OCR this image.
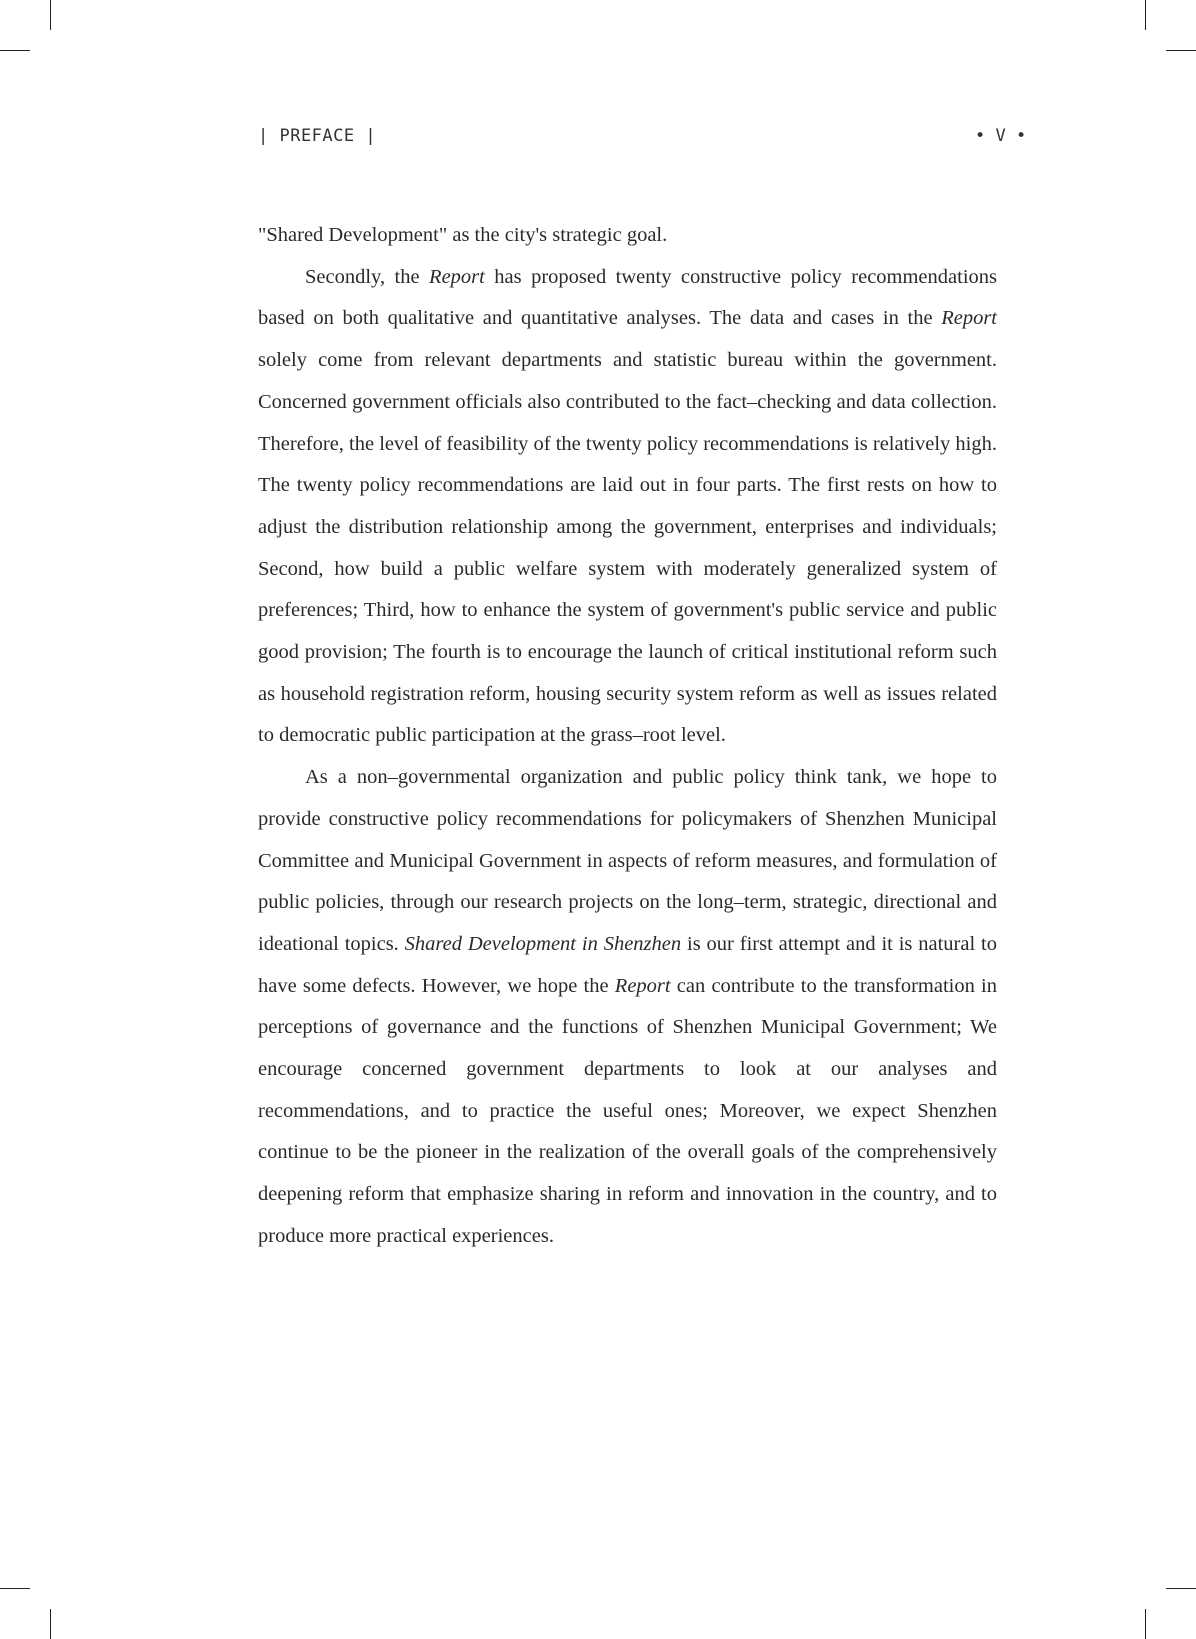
| PREFACE |	• V •

"Shared Development" as the city's strategic goal.

Secondly, the Report has proposed twenty constructive policy recommendations based on both qualitative and quantitative analyses. The data and cases in the Report solely come from relevant departments and statistic bureau within the government. Concerned government officials also contributed to the fact–checking and data collection. Therefore, the level of feasibility of the twenty policy recommendations is relatively high. The twenty policy recommendations are laid out in four parts. The first rests on how to adjust the distribution relationship among the government, enterprises and individuals; Second, how build a public welfare system with moderately generalized system of preferences; Third, how to enhance the system of government's public service and public good provision; The fourth is to encourage the launch of critical institutional reform such as household registration reform, housing security system reform as well as issues related to democratic public participation at the grass–root level.

As a non–governmental organization and public policy think tank, we hope to provide constructive policy recommendations for policymakers of Shenzhen Municipal Committee and Municipal Government in aspects of reform measures, and formulation of public policies, through our research projects on the long–term, strategic, directional and ideational topics. Shared Development in Shenzhen is our first attempt and it is natural to have some defects. However, we hope the Report can contribute to the transformation in perceptions of governance and the functions of Shenzhen Municipal Government; We encourage concerned government departments to look at our analyses and recommendations, and to practice the useful ones; Moreover, we expect Shenzhen continue to be the pioneer in the realization of the overall goals of the comprehensively deepening reform that emphasize sharing in reform and innovation in the country, and to produce more practical experiences.
